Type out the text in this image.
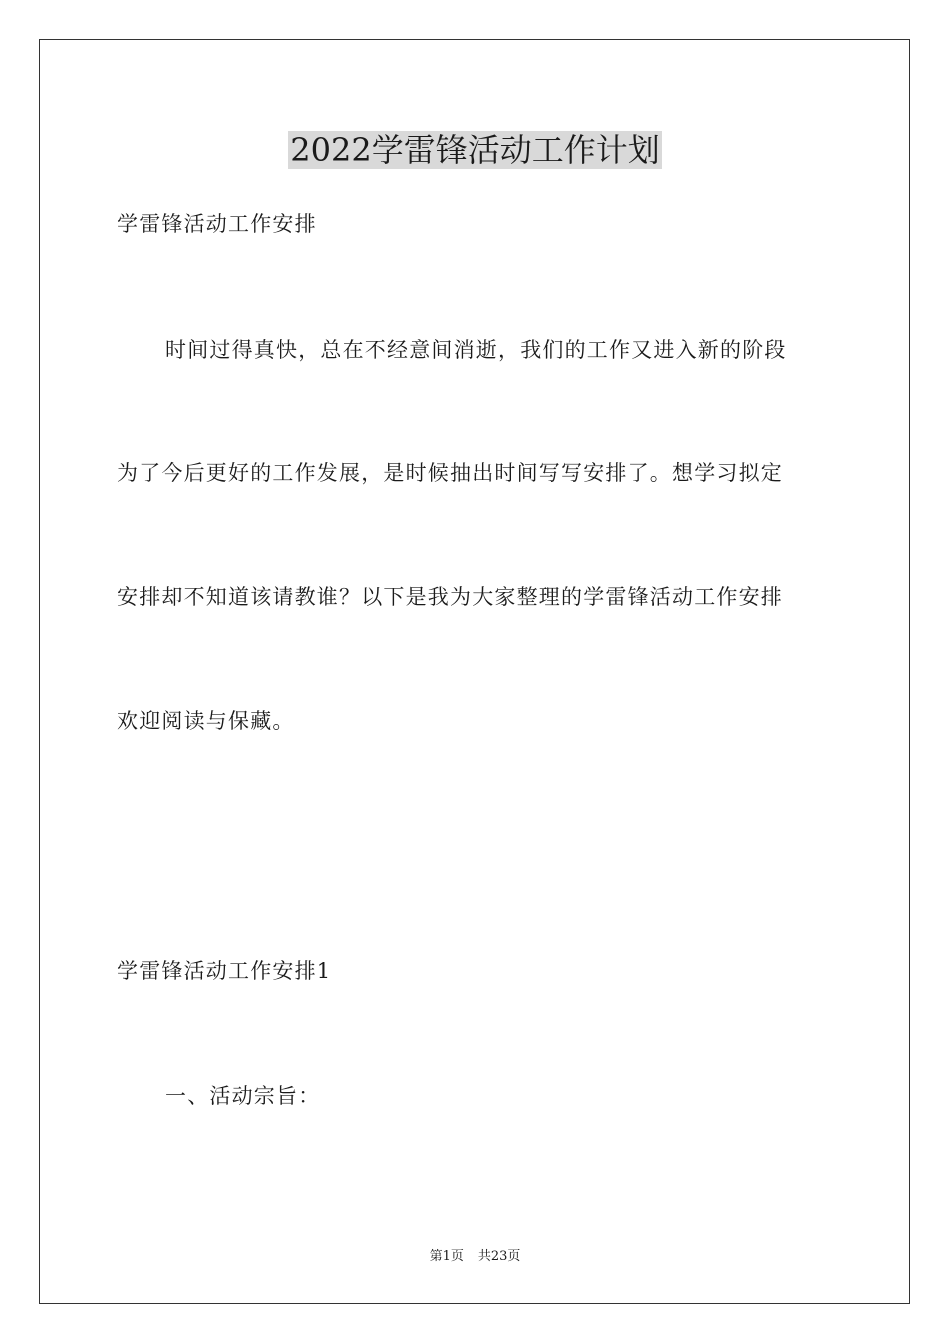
2022学雷锋活动工作计划
学雷锋活动工作安排
时间过得真快，总在不经意间消逝，我们的工作又进入新的阶段
为了今后更好的工作发展，是时候抽出时间写写安排了。想学习拟定
安排却不知道该请教谁？以下是我为大家整理的学雷锋活动工作安排
欢迎阅读与保藏。
学雷锋活动工作安排1
一、活动宗旨：
第1页 共23页
